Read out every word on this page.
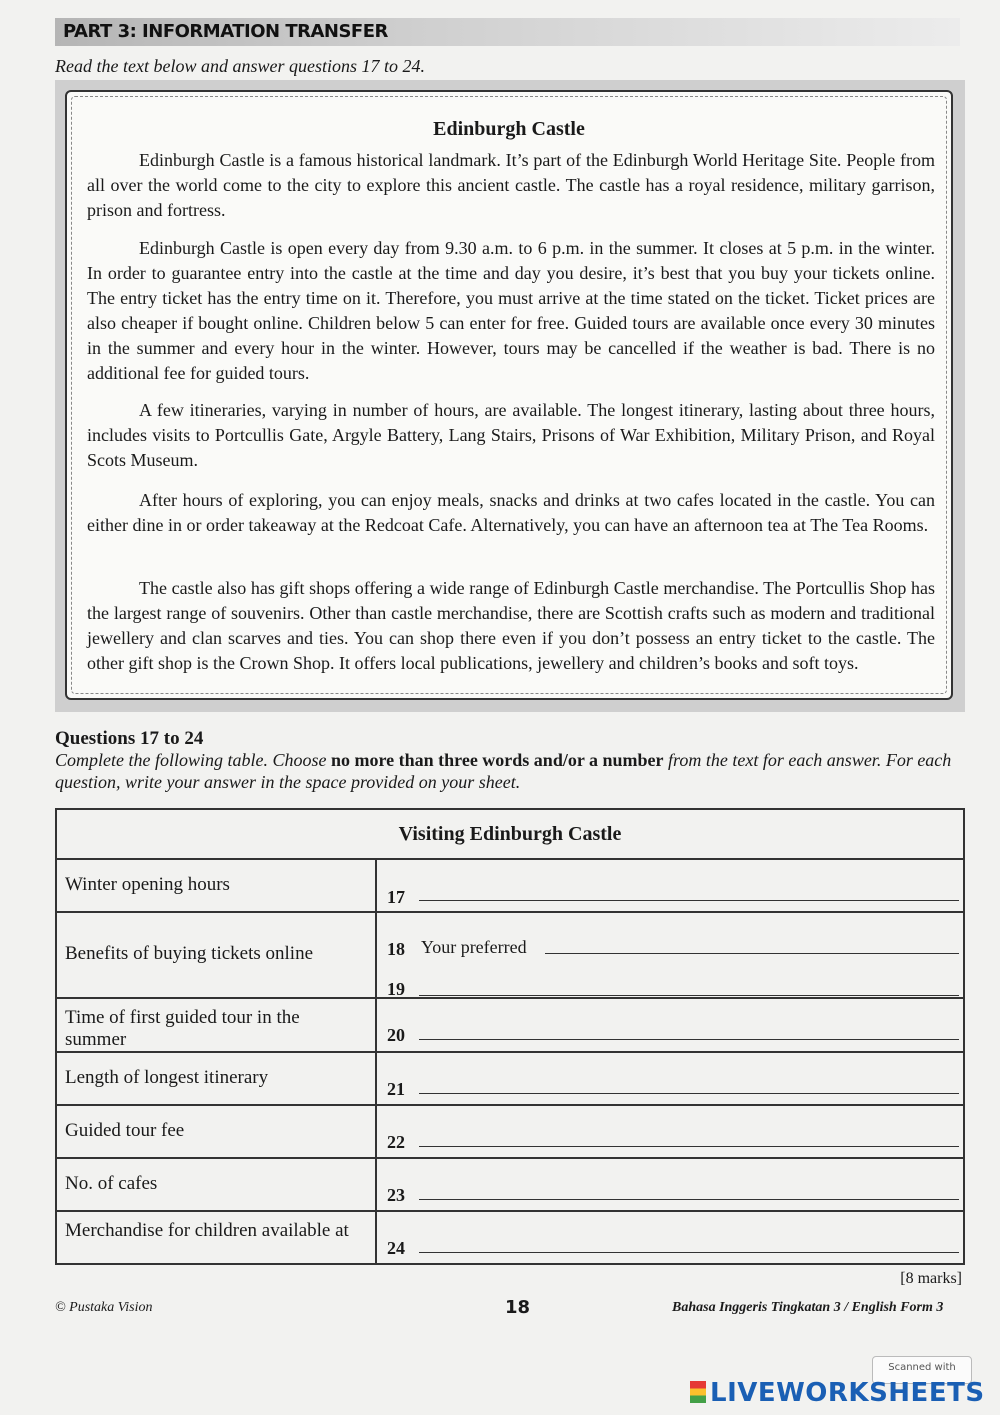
PART 3: INFORMATION TRANSFER
Read the text below and answer questions 17 to 24.
Edinburgh Castle
Edinburgh Castle is a famous historical landmark. It’s part of the Edinburgh World Heritage Site. People from all over the world come to the city to explore this ancient castle. The castle has a royal residence, military garrison, prison and fortress.
Edinburgh Castle is open every day from 9.30 a.m. to 6 p.m. in the summer. It closes at 5 p.m. in the winter. In order to guarantee entry into the castle at the time and day you desire, it’s best that you buy your tickets online. The entry ticket has the entry time on it. Therefore, you must arrive at the time stated on the ticket. Ticket prices are also cheaper if bought online. Children below 5 can enter for free. Guided tours are available once every 30 minutes in the summer and every hour in the winter. However, tours may be cancelled if the weather is bad. There is no additional fee for guided tours.
A few itineraries, varying in number of hours, are available. The longest itinerary, lasting about three hours, includes visits to Portcullis Gate, Argyle Battery, Lang Stairs, Prisons of War Exhibition, Military Prison, and Royal Scots Museum.
After hours of exploring, you can enjoy meals, snacks and drinks at two cafes located in the castle. You can either dine in or order takeaway at the Redcoat Cafe. Alternatively, you can have an afternoon tea at The Tea Rooms.
The castle also has gift shops offering a wide range of Edinburgh Castle merchandise. The Portcullis Shop has the largest range of souvenirs. Other than castle merchandise, there are Scottish crafts such as modern and traditional jewellery and clan scarves and ties. You can shop there even if you don’t possess an entry ticket to the castle. The other gift shop is the Crown Shop. It offers local publications, jewellery and children’s books and soft toys.
Questions 17 to 24
Complete the following table. Choose no more than three words and/or a number from the text for each answer. For each question, write your answer in the space provided on your sheet.
Visiting Edinburgh Castle	
Winter opening hours	17

Benefits of buying tickets online	18 Your preferred
19

Time of first guided tour in the summer	20

Length of longest itinerary	21

Guided tour fee	22

No. of cafes	23

Merchandise for children available at	24
[8 marks]
© Pustaka Vision	18	Bahasa Inggeris Tingkatan 3 / English Form 3
Scanned with
LIVEWORKSHEETS
